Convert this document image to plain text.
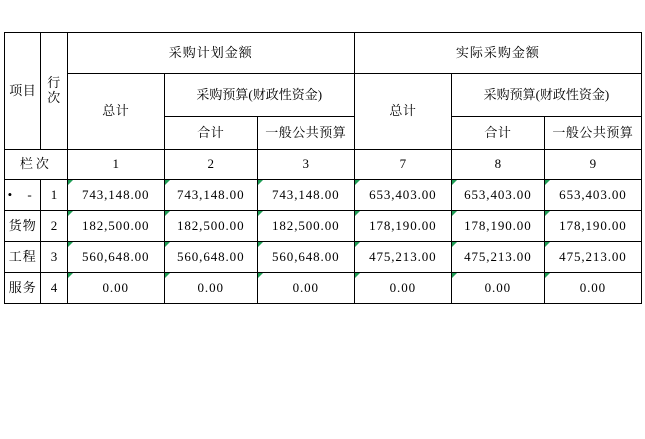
项目	行次	采购计划金额			实际采购金额		
		总计	采购预算(财政性资金)		总计	采购预算(财政性资金)	
			合计	一般公共预算		合计	一般公共预算
栏次		1	2	3	7	8	9
• -	1	743,148.00	743,148.00	743,148.00	653,403.00	653,403.00	653,403.00
货物	2	182,500.00	182,500.00	182,500.00	178,190.00	178,190.00	178,190.00
工程	3	560,648.00	560,648.00	560,648.00	475,213.00	475,213.00	475,213.00
服务	4	0.00	0.00	0.00	0.00	0.00	0.00
